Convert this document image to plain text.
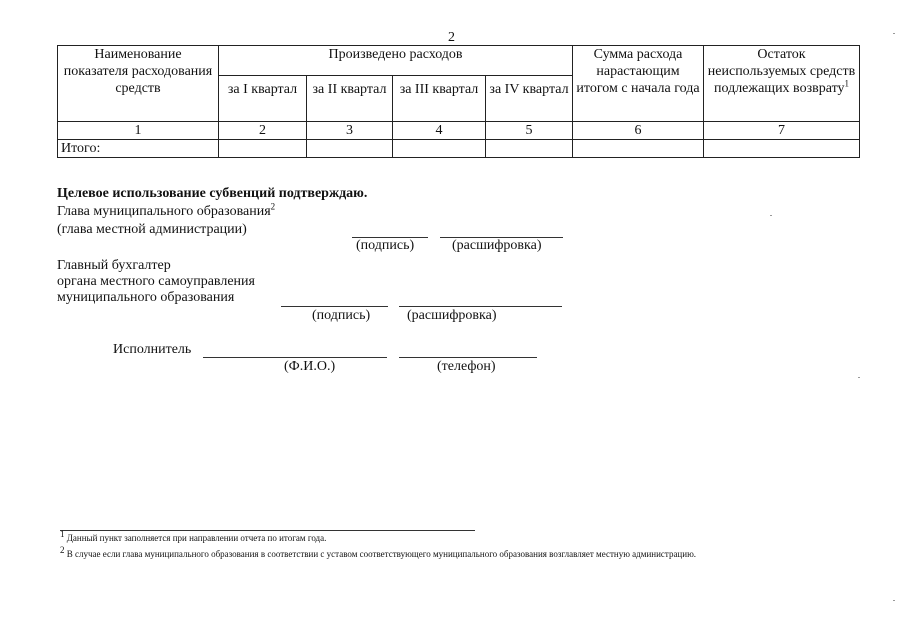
2
Наименование показателя расходования средств	Произведено расходов				Сумма расхода нарастающим итогом с начала года	Остаток неиспользуемых средств подлежащих возврату$^1$
	за I квартал	за II квартал	за III квартал	за IV квартал		
1	2	3	4	5	6	7
Итого:						
Целевое использование субвенций подтверждаю.
Глава муниципального образования$^2$
(глава местной администрации)
(подпись)	(расшифровка)
Главный бухгалтер
органа местного самоуправления
муниципального образования
(подпись)	(расшифровка)
Исполнитель
(Ф.И.О.)	(телефон)
$^1$ Данный пункт заполняется при направлении отчета по итогам года.
$^2$ В случае если глава муниципального образования в соответствии с уставом соответствующего муниципального образования возглавляет местную администрацию.
